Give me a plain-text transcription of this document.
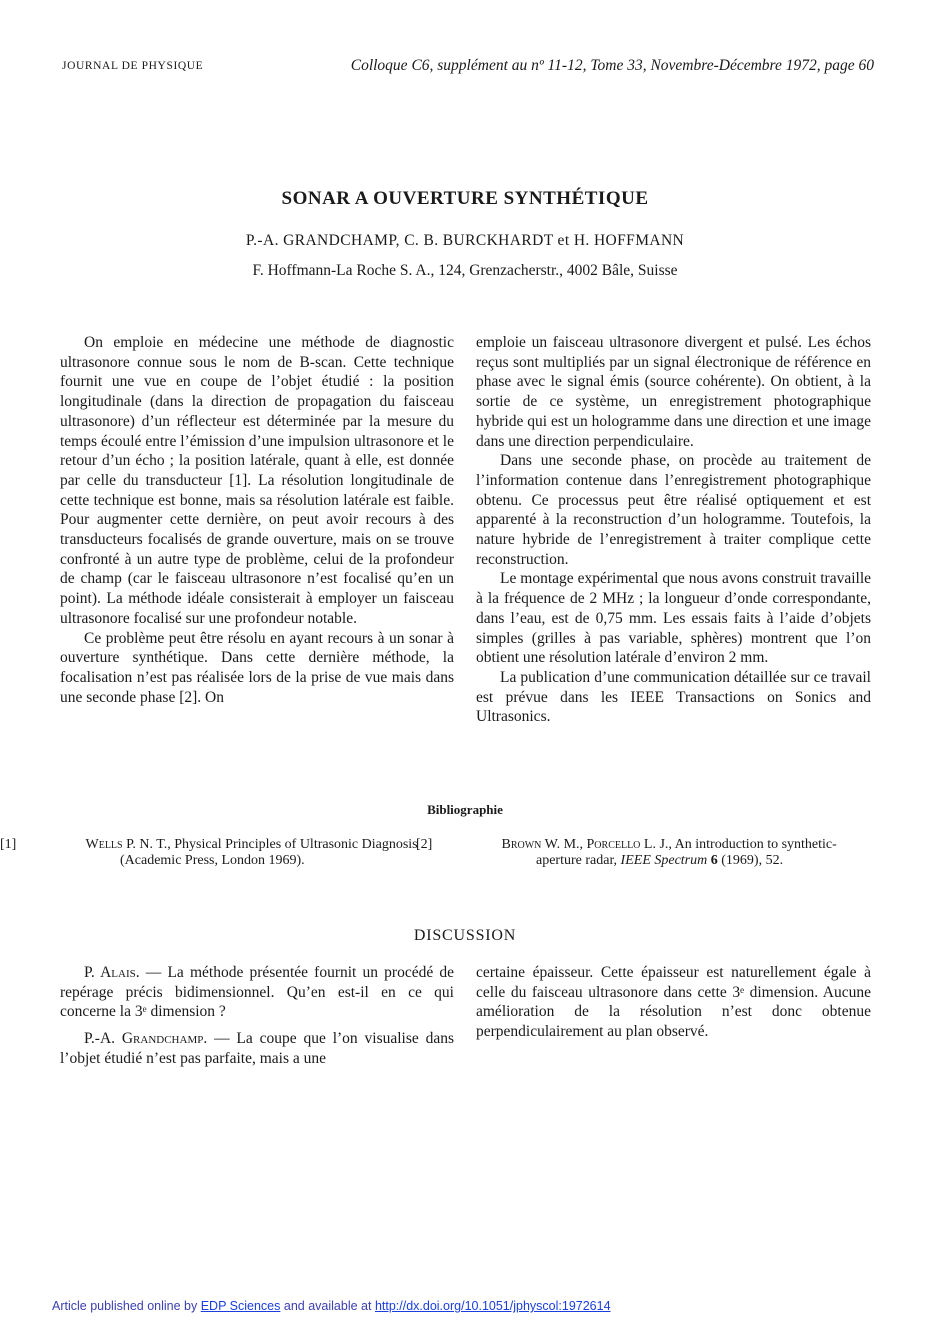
JOURNAL DE PHYSIQUE	Colloque C6, supplément au nº 11-12, Tome 33, Novembre-Décembre 1972, page 60
SONAR A OUVERTURE SYNTHÉTIQUE
P.-A. GRANDCHAMP, C. B. BURCKHARDT et H. HOFFMANN
F. Hoffmann-La Roche S. A., 124, Grenzacherstr., 4002 Bâle, Suisse

On emploie en médecine une méthode de diagnostic ultrasonore connue sous le nom de B-scan. Cette technique fournit une vue en coupe de l’objet étudié : la position longitudinale (dans la direction de propagation du faisceau ultrasonore) d’un réflecteur est déterminée par la mesure du temps écoulé entre l’émission d’une impulsion ultrasonore et le retour d’un écho ; la position latérale, quant à elle, est donnée par celle du transducteur [1]. La résolution longitudinale de cette technique est bonne, mais sa résolution latérale est faible. Pour augmenter cette dernière, on peut avoir recours à des transducteurs focalisés de grande ouverture, mais on se trouve confronté à un autre type de problème, celui de la profondeur de champ (car le faisceau ultrasonore n’est focalisé qu’en un point). La méthode idéale consisterait à employer un faisceau ultrasonore focalisé sur une profondeur notable.

Ce problème peut être résolu en ayant recours à un sonar à ouverture synthétique. Dans cette dernière méthode, la focalisation n’est pas réalisée lors de la prise de vue mais dans une seconde phase [2]. On

emploie un faisceau ultrasonore divergent et pulsé. Les échos reçus sont multipliés par un signal électronique de référence en phase avec le signal émis (source cohérente). On obtient, à la sortie de ce système, un enregistrement photographique hybride qui est un hologramme dans une direction et une image dans une direction perpendiculaire.

Dans une seconde phase, on procède au traitement de l’information contenue dans l’enregistrement photographique obtenu. Ce processus peut être réalisé optiquement et est apparenté à la reconstruction d’un hologramme. Toutefois, la nature hybride de l’enregistrement à traiter complique cette reconstruction.

Le montage expérimental que nous avons construit travaille à la fréquence de 2 MHz ; la longueur d’onde correspondante, dans l’eau, est de 0,75 mm. Les essais faits à l’aide d’objets simples (grilles à pas variable, sphères) montrent que l’on obtient une résolution latérale d’environ 2 mm.

La publication d’une communication détaillée sur ce travail est prévue dans les IEEE Transactions on Sonics and Ultrasonics.

Bibliographie
[1]	Wells P. N. T., Physical Principles of Ultrasonic Diagnosis (Academic Press, London 1969).
[2]	Brown W. M., Porcello L. J., An introduction to synthetic-aperture radar, IEEE Spectrum 6 (1969), 52.
DISCUSSION

P. Alais. — La méthode présentée fournit un procédé de repérage précis bidimensionnel. Qu’en est-il en ce qui concerne la 3ᵉ dimension ?

P.-A. Grandchamp. — La coupe que l’on visualise dans l’objet étudié n’est pas parfaite, mais a une

certaine épaisseur. Cette épaisseur est naturellement égale à celle du faisceau ultrasonore dans cette 3ᵉ dimension. Aucune amélioration de la résolution n’est donc obtenue perpendiculairement au plan observé.

Article published online by EDP Sciences and available at http://dx.doi.org/10.1051/jphyscol:1972614
